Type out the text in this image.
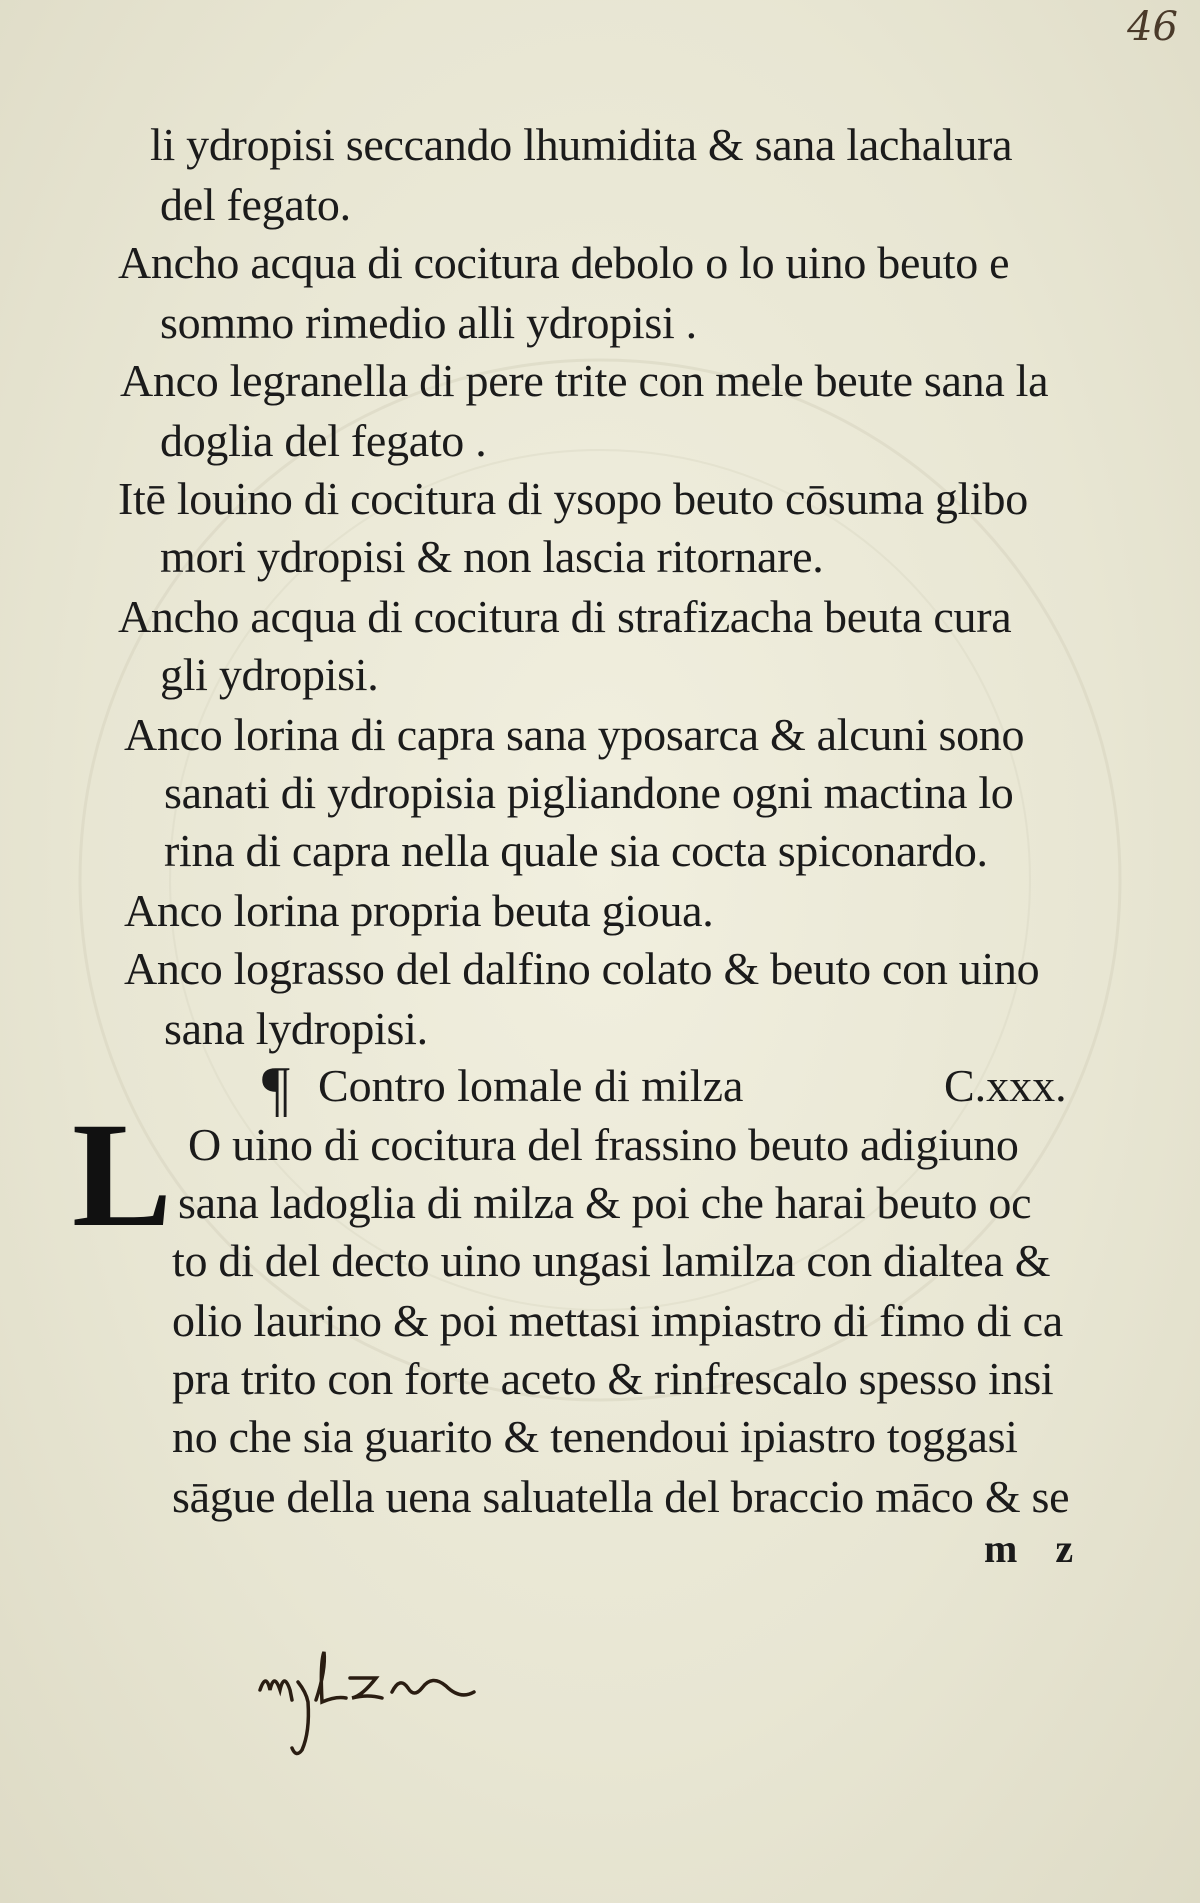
46
li ydropisi seccando lhumidita & sana lachalura
del fegato.
Ancho acqua di cocitura debolo o lo uino beuto e
sommo rimedio alli ydropisi .
Anco legranella di pere trite con mele beute sana la
doglia del fegato .
Itē louino di cocitura di ysopo beuto cōsuma glibo
mori ydropisi & non lascia ritornare.
Ancho acqua di cocitura di strafizacha beuta cura
gli ydropisi.
Anco lorina di capra sana yposarca & alcuni sono
sanati di ydropisia pigliandone ogni mactina lo
rina di capra nella quale sia cocta spiconardo.
Anco lorina propria beuta gioua.
Anco lograsso del dalfino colato & beuto con uino
sana lydropisi.
¶ Contro lomale di milza	C.xxx.
L O uino di cocitura del frassino beuto adigiuno
sana ladoglia di milza & poi che harai beuto oc
to di del decto uino ungasi lamilza con dialtea &
olio laurino & poi mettasi impiastro di fimo di ca
pra trito con forte aceto & rinfrescalo spesso insi
no che sia guarito & tenendoui ipiastro toggasi
sāgue della uena saluatella del braccio māco & se
m z
